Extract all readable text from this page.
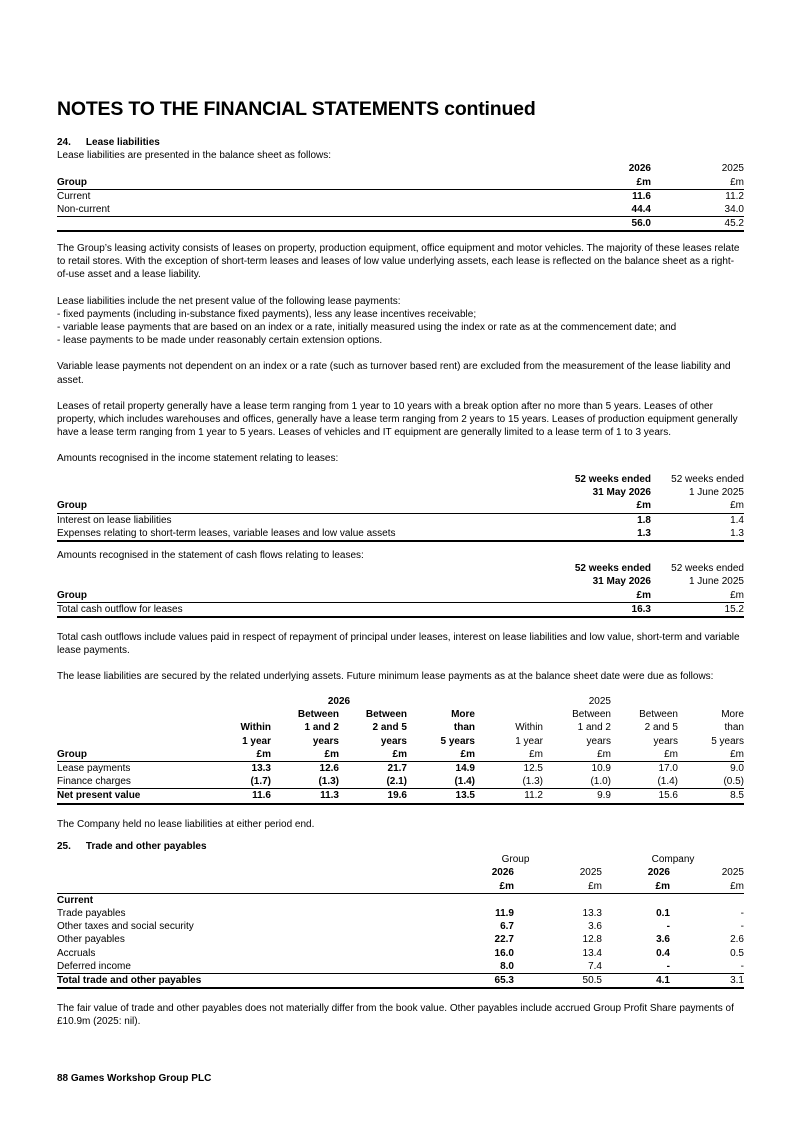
NOTES TO THE FINANCIAL STATEMENTS continued
24. Lease liabilities

Lease liabilities are presented in the balance sheet as follows:

	2026	2025
Group	£m	£m
Current	11.6	11.2
Non-current	44.4	34.0
	56.0	45.2

The Group’s leasing activity consists of leases on property, production equipment, office equipment and motor vehicles. The majority of these leases relate to retail stores. With the exception of short-term leases and leases of low value underlying assets, each lease is reflected on the balance sheet as a right-of-use asset and a lease liability.

Lease liabilities include the net present value of the following lease payments:

- fixed payments (including in-substance fixed payments), less any lease incentives receivable;

- variable lease payments that are based on an index or a rate, initially measured using the index or rate as at the commencement date; and

- lease payments to be made under reasonably certain extension options.

Variable lease payments not dependent on an index or a rate (such as turnover based rent) are excluded from the measurement of the lease liability and asset.

Leases of retail property generally have a lease term ranging from 1 year to 10 years with a break option after no more than 5 years. Leases of other property, which includes warehouses and offices, generally have a lease term ranging from 2 years to 15 years. Leases of production equipment generally have a lease term ranging from 1 year to 5 years. Leases of vehicles and IT equipment are generally limited to a lease term of 1 to 3 years.

Amounts recognised in the income statement relating to leases:

	52 weeks ended	52 weeks ended
	31 May 2026	1 June 2025
Group	£m	£m
Interest on lease liabilities	1.8	1.4
Expenses relating to short-term leases, variable leases and low value assets	1.3	1.3

Amounts recognised in the statement of cash flows relating to leases:

	52 weeks ended	52 weeks ended
	31 May 2026	1 June 2025
Group	£m	£m
Total cash outflow for leases	16.3	15.2

Total cash outflows include values paid in respect of repayment of principal under leases, interest on lease liabilities and low value, short-term and variable lease payments.

The lease liabilities are secured by the related underlying assets. Future minimum lease payments as at the balance sheet date were due as follows:

		2026				2025		
		Between	Between	More		Between	Between	More
	Within	1 and 2	2 and 5	than	Within	1 and 2	2 and 5	than
	1 year	years	years	5 years	1 year	years	years	5 years
Group	£m	£m	£m	£m	£m	£m	£m	£m
Lease payments	13.3	12.6	21.7	14.9	12.5	10.9	17.0	9.0
Finance charges	(1.7)	(1.3)	(2.1)	(1.4)	(1.3)	(1.0)	(1.4)	(0.5)
Net present value	11.6	11.3	19.6	13.5	11.2	9.9	15.6	8.5

The Company held no lease liabilities at either period end.

25. Trade and other payables
	Group		Company	
	2026	2025	2026	2025
	£m	£m	£m	£m
Current				
Trade payables	11.9	13.3	0.1	-
Other taxes and social security	6.7	3.6	-	-
Other payables	22.7	12.8	3.6	2.6
Accruals	16.0	13.4	0.4	0.5
Deferred income	8.0	7.4	-	-
Total trade and other payables	65.3	50.5	4.1	3.1

The fair value of trade and other payables does not materially differ from the book value. Other payables include accrued Group Profit Share payments of £10.9m (2025: nil).

88 Games Workshop Group PLC
